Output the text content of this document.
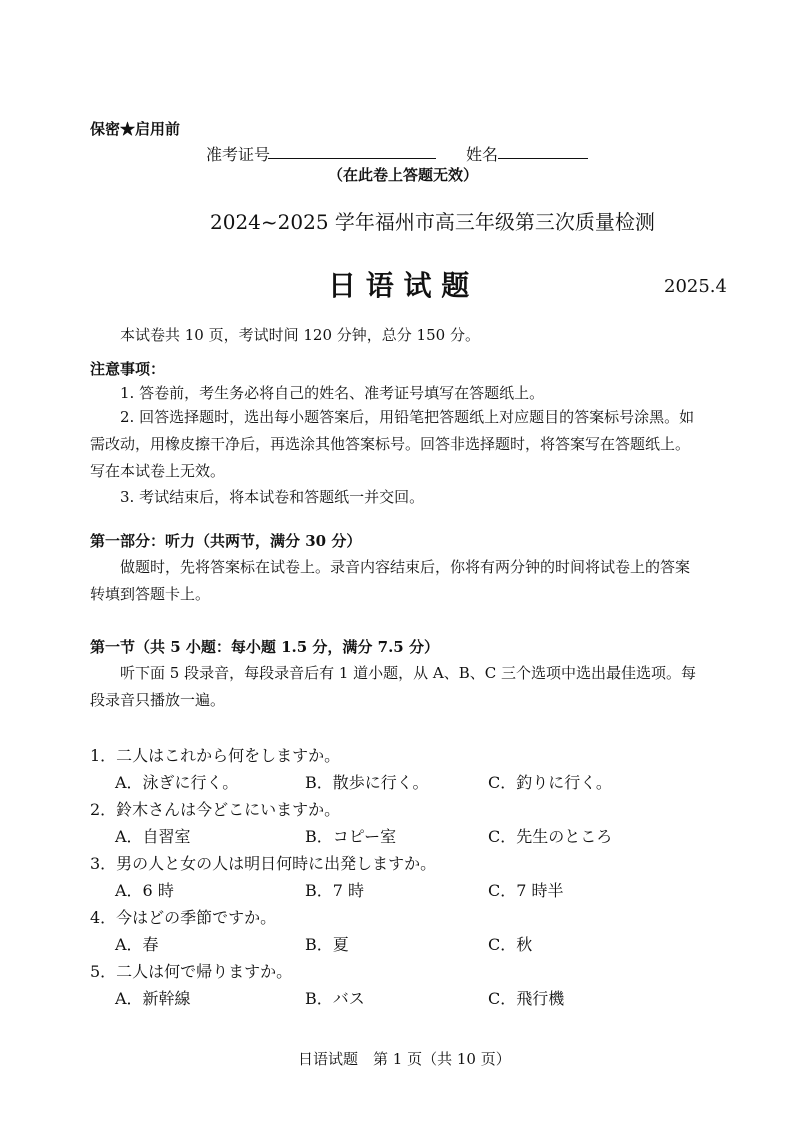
保密★启用前
准考证号	姓名
（在此卷上答题无效）
2024~2025 学年福州市高三年级第三次质量检测
日 语 试 题	2025.4
本试卷共 10 页，考试时间 120 分钟，总分 150 分。
注意事项：
1. 答卷前，考生务必将自己的姓名、准考证号填写在答题纸上。
2. 回答选择题时，选出每小题答案后，用铅笔把答题纸上对应题目的答案标号涂黑。如
需改动，用橡皮擦干净后，再选涂其他答案标号。回答非选择题时，将答案写在答题纸上。
写在本试卷上无效。
3. 考试结束后，将本试卷和答题纸一并交回。
第一部分：听力（共两节，满分 30 分）
做题时，先将答案标在试卷上。录音内容结束后，你将有两分钟的时间将试卷上的答案
转填到答题卡上。
第一节（共 5 小题：每小题 1.5 分，满分 7.5 分）
听下面 5 段录音，每段录音后有 1 道小题，从 A、B、C 三个选项中选出最佳选项。每
段录音只播放一遍。
1．二人はこれから何をしますか。
A．泳ぎに行く。	B．散歩に行く。	C．釣りに行く。
2．鈴木さんは今どこにいますか。
A．自習室	B．コピー室	C．先生のところ
3．男の人と女の人は明日何時に出発しますか。
A．6 時	B．7 時	C．7 時半
4．今はどの季節ですか。
A．春	B．夏	C．秋
5．二人は何で帰りますか。
A．新幹線	B．バス	C．飛行機
日语试题　第 1 页（共 10 页）
